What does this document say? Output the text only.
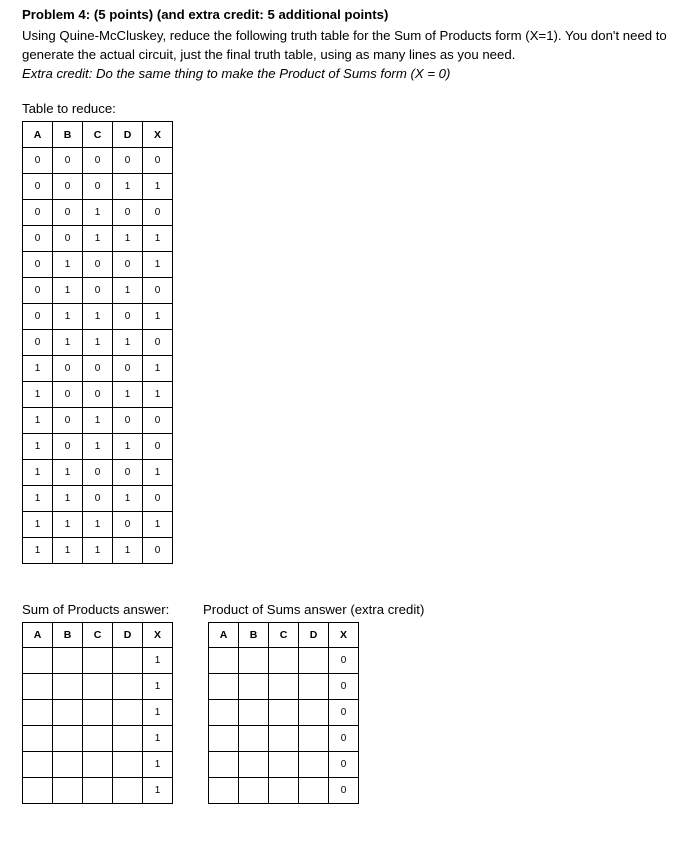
Problem 4: (5 points) (and extra credit: 5 additional points)

Using Quine-McCluskey, reduce the following truth table for the Sum of Products form (X=1). You don't need to generate the actual circuit, just the final truth table, using as many lines as you need.

Extra credit: Do the same thing to make the Product of Sums form (X = 0)

Table to reduce:
A	B	C	D	X
0	0	0	0	0
0	0	0	1	1
0	0	1	0	0
0	0	1	1	1
0	1	0	0	1
0	1	0	1	0
0	1	1	0	1
0	1	1	1	0
1	0	0	0	1
1	0	0	1	1
1	0	1	0	0
1	0	1	1	0
1	1	0	0	1
1	1	0	1	0
1	1	1	0	1
1	1	1	1	0
Sum of Products answer:
A	B	C	D	X
				1
				1
				1
				1
				1
				1
Product of Sums answer (extra credit)
A	B	C	D	X
				0
				0
				0
				0
				0
				0
